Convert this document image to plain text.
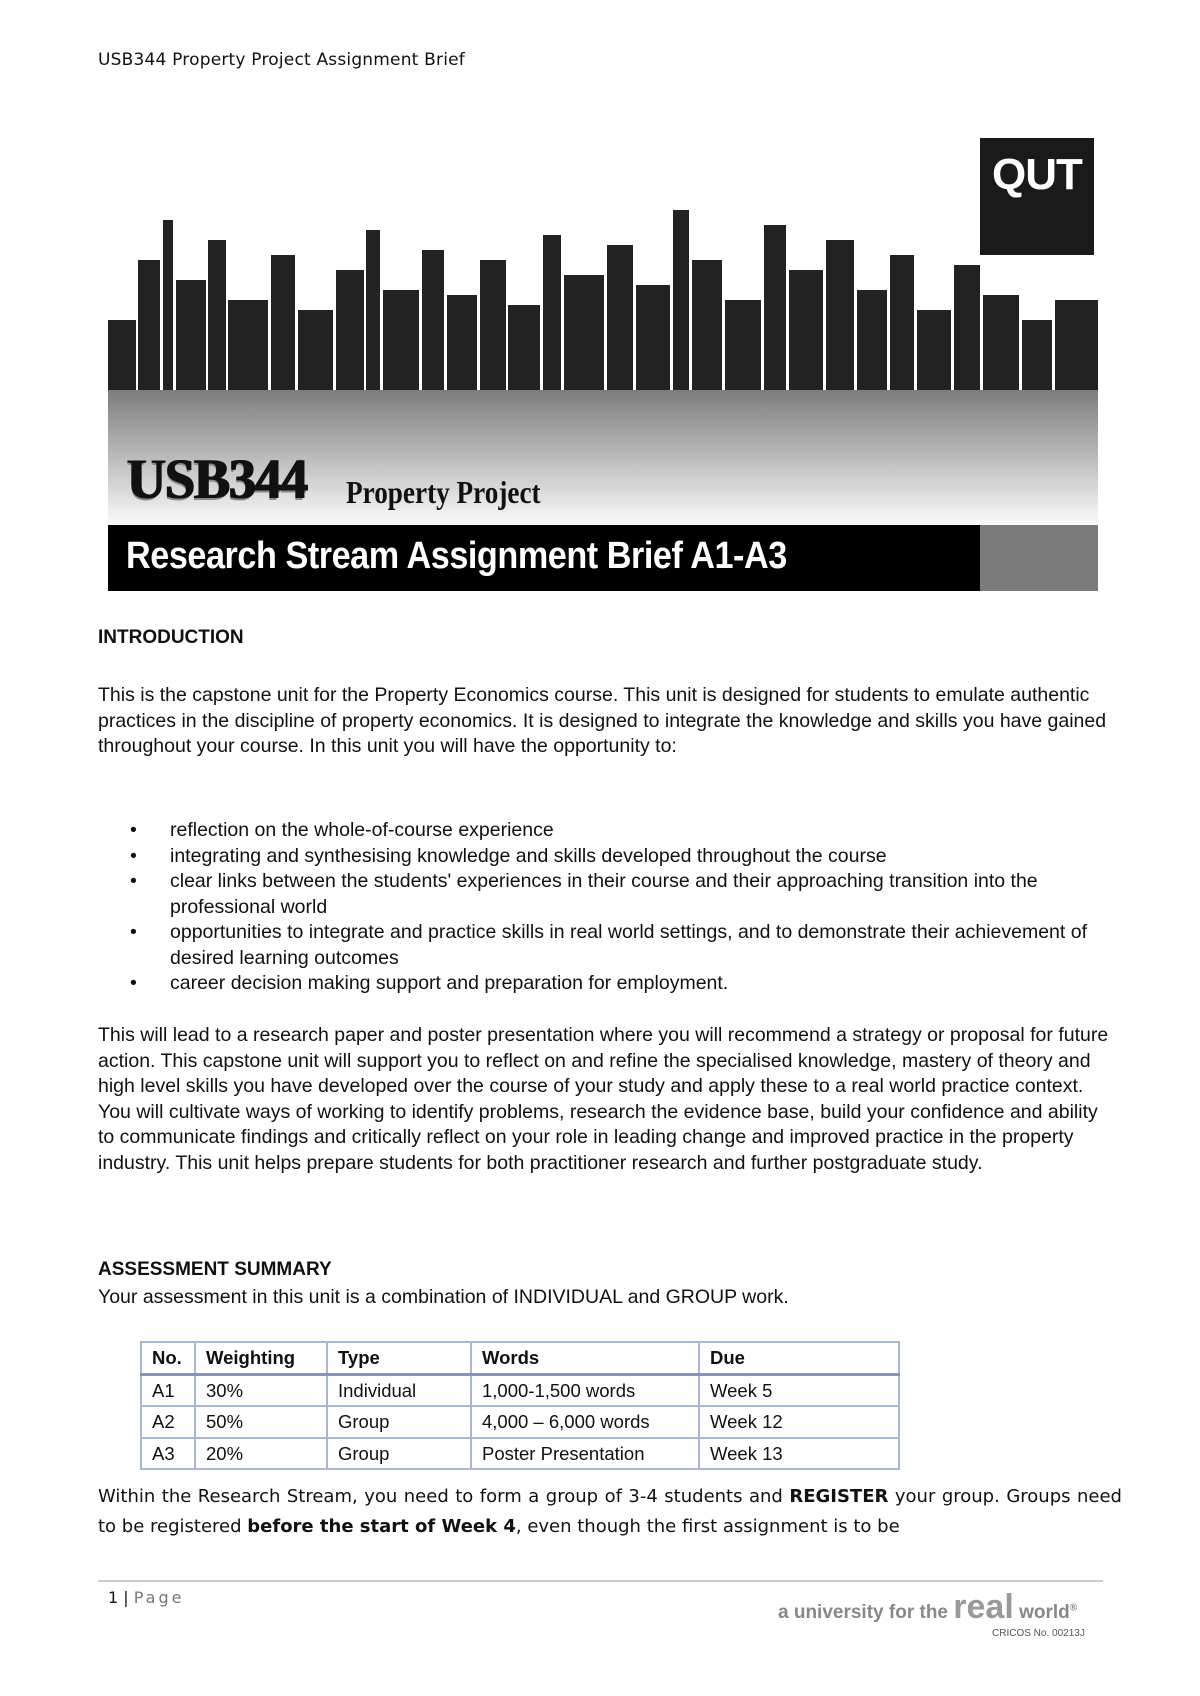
USB344 Property Project Assignment Brief
QUT
USB344 Property Project
Research Stream Assignment Brief A1-A3
INTRODUCTION

This is the capstone unit for the Property Economics course. This unit is designed for students to emulate authentic practices in the discipline of property economics. It is designed to integrate the knowledge and skills you have gained throughout your course. In this unit you will have the opportunity to:

• reflection on the whole-of-course experience
• integrating and synthesising knowledge and skills developed throughout the course
• clear links between the students' experiences in their course and their approaching transition into the professional world
• opportunities to integrate and practice skills in real world settings, and to demonstrate their achievement of desired learning outcomes
• career decision making support and preparation for employment.

This will lead to a research paper and poster presentation where you will recommend a strategy or proposal for future action. This capstone unit will support you to reflect on and refine the specialised knowledge, mastery of theory and high level skills you have developed over the course of your study and apply these to a real world practice context. You will cultivate ways of working to identify problems, research the evidence base, build your confidence and ability to communicate findings and critically reflect on your role in leading change and improved practice in the property industry. This unit helps prepare students for both practitioner research and further postgraduate study.

ASSESSMENT SUMMARY

Your assessment in this unit is a combination of INDIVIDUAL and GROUP work.

No.	Weighting	Type	Words	Due
A1	30%	Individual	1,000-1,500 words	Week 5
A2	50%	Group	4,000 – 6,000 words	Week 12
A3	20%	Group	Poster Presentation	Week 13

Within the Research Stream, you need to form a group of 3-4 students and REGISTER your group. Groups need to be registered before the start of Week 4, even though the first assignment is to be

1 | Page
a university for the real world®
CRICOS No. 00213J
